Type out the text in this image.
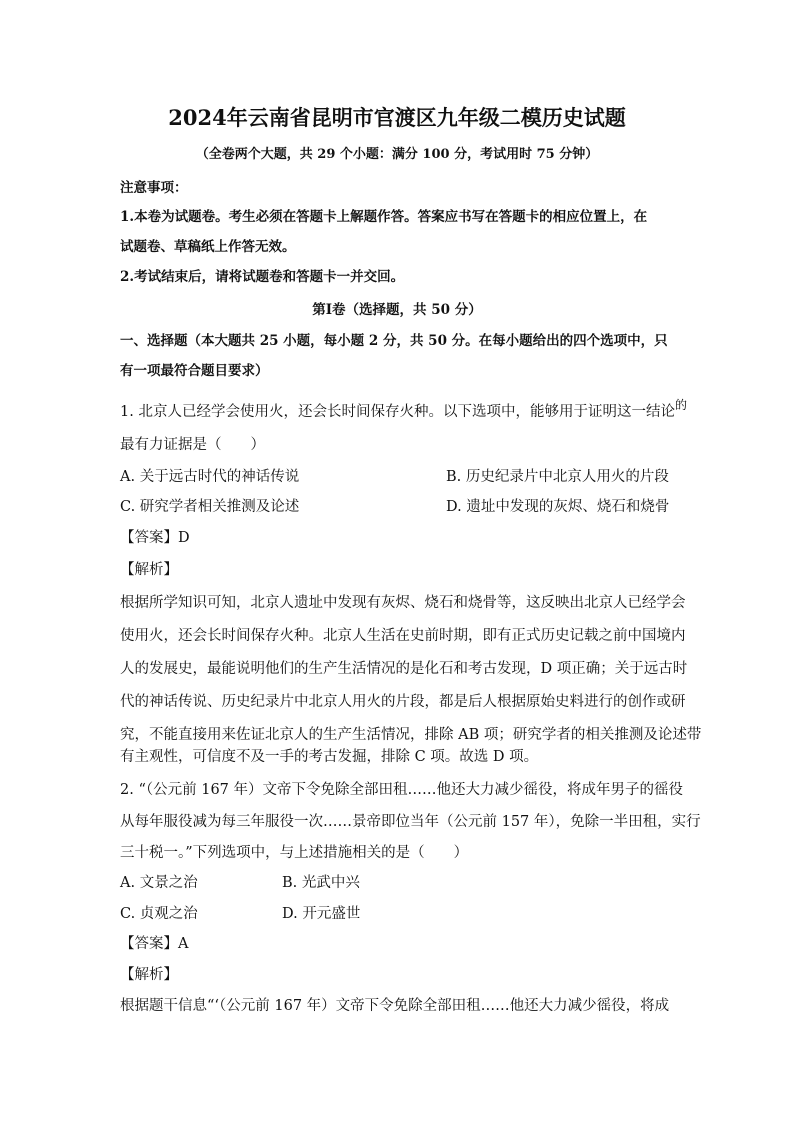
2024年云南省昆明市官渡区九年级二模历史试题
（全卷两个大题，共 29 个小题：满分 100 分，考试用时 75 分钟）
注意事项：
1.本卷为试题卷。考生必须在答题卡上解题作答。答案应书写在答题卡的相应位置上，在
试题卷、草稿纸上作答无效。
2.考试结束后，请将试题卷和答题卡一并交回。
第Ⅰ卷（选择题，共 50 分）
一、选择题（本大题共 25 小题，每小题 2 分，共 50 分。在每小题给出的四个选项中，只
有一项最符合题目要求）
1. 北京人已经学会使用火，还会长时间保存火种。以下选项中，能够用于证明这一结论$^的$
最有力证据是（　　）
A. 关于远古时代的神话传说	B. 历史纪录片中北京人用火的片段
C. 研究学者相关推测及论述	D. 遗址中发现的灰烬、烧石和烧骨
【答案】D
【解析】
根据所学知识可知，北京人遗址中发现有灰烬、烧石和烧骨等，这反映出北京人已经学会
使用火，还会长时间保存火种。北京人生活在史前时期，即有正式历史记载之前中国境内
人的发展史，最能说明他们的生产生活情况的是化石和考古发现，D 项正确；关于远古时
代的神话传说、历史纪录片中北京人用火的片段，都是后人根据原始史料进行的创作或研
究，不能直接用来佐证北京人的生产生活情况，排除 AB 项；研究学者的相关推测及论述带
有主观性，可信度不及一手的考古发掘，排除 C 项。故选 D 项。
2. “（公元前 167 年）文帝下令免除全部田租……他还大力减少徭役，将成年男子的徭役
从每年服役减为每三年服役一次……景帝即位当年（公元前 157 年），免除一半田租，实行
三十税一。”下列选项中，与上述措施相关的是（　　）
A. 文景之治	B. 光武中兴
C. 贞观之治	D. 开元盛世
【答案】A
【解析】
根据题干信息“‘（公元前 167 年）文帝下令免除全部田租……他还大力减少徭役，将成
